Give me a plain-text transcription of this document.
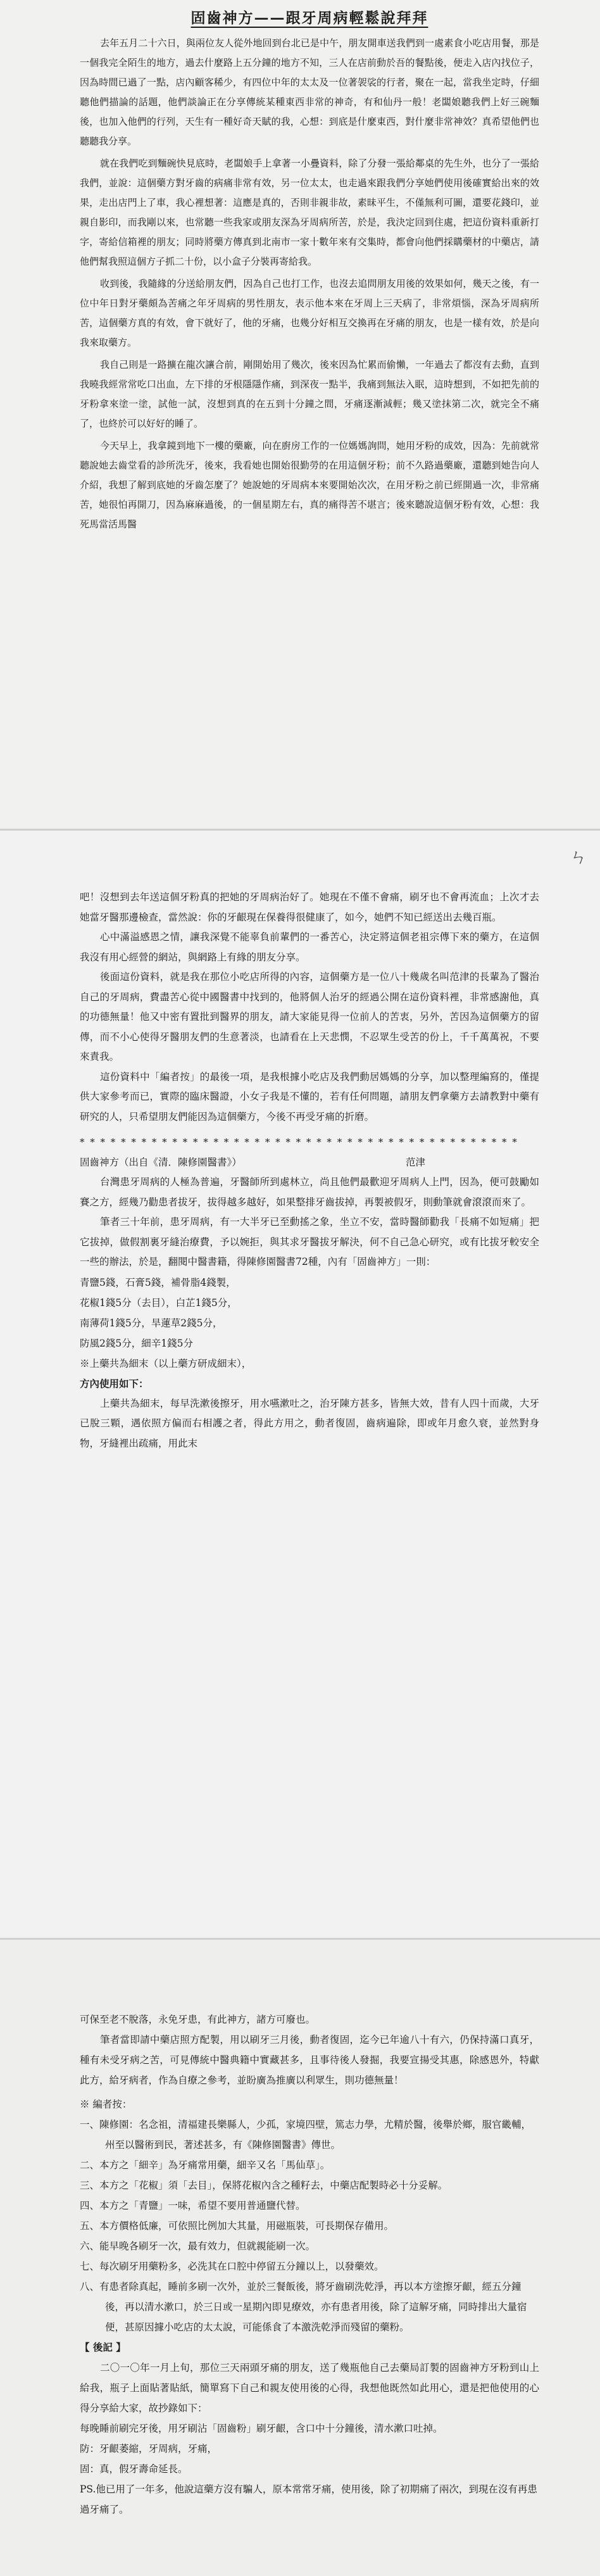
固齒神方——跟牙周病輕鬆說拜拜

去年五月二十六日，與兩位友人從外地回到台北已是中午，朋友開車送我們到一處素食小吃店用餐，那是一個我完全陌生的地方，過去什麼路上五分鐘的地方不知，三人在店前動於吾的餐點後，便走入店內找位子，因為時間已過了一點，店內顧客稀少，有四位中年的太太及一位著袈裟的行者，聚在一起，當我坐定時，仔細聽他們描論的話題，他們談論正在分享傳統某種東西非常的神奇，有和仙丹一般！老闆娘聽我們上好三碗麵後，也加入他們的行列，天生有一種好奇天賦的我，心想：到底是什麼東西，對什麼非常神效？真希望他們也聽聽我分享。

就在我們吃到麵碗快見底時，老闆娘手上拿著一小疊資料，除了分發一張給鄰桌的先生外，也分了一張給我們，並說：這個藥方對牙齒的病痛非常有效，另一位太太，也走過來跟我們分享她們使用後確實給出來的效果，走出店門上了車，我心裡想著：這應是真的，否則非親非故，素昧平生，不僅無利可圖，還要花錢印，並親自影印，而我剛以來，也常聽一些我家或朋友深為牙周病所苦，於是，我決定回到住處，把這份資料重新打字，寄給信箱裡的朋友；同時將藥方傳真到北南市一家十數年來有交集時，都會向他們採購藥材的中藥店，請他們幫我照這個方子抓二十份，以小盒子分裝再寄給我。

收到後，我隨緣的分送給朋友們，因為自己也打工作，也沒去追問朋友用後的效果如何，幾天之後，有一位中年日對牙藥頗為苦痛之年牙周病的男性朋友，表示他本來在牙周上三天病了，非常煩惱，深為牙周病所苦，這個藥方真的有效，會下就好了，他的牙痛，也幾分好相互交換再在牙痛的朋友，也是一樣有效，於是向我來取藥方。

我自己則是一路擴在龍次讓合前，剛開始用了幾次，後來因為忙累而偷懶，一年過去了都沒有去動，直到我曉我經常常吃口出血，左下排的牙根隱隱作痛，到深夜一點半，我痛到無法入眠，這時想到，不如把先前的牙粉拿來塗一塗，試他一試，沒想到真的在五到十分鐘之間，牙痛逐漸減輕；幾又塗抹第二次，就完全不痛了，也終於可以好好的睡了。

今天早上，我拿鏡到地下一樓的藥廠，向在廚房工作的一位媽媽詢問，她用牙粉的成效，因為：先前就常聽說她去齒堂看的診所洗牙，後來，我看她也開始很勤勞的在用這個牙粉；前不久路過藥廠，還聽到她告向人介紹，我想了解到底她的牙齒怎麼了？她說她的牙周病本來要開始次次，在用牙粉之前已經開過一次，非常痛苦，她很怕再開刀，因為麻麻過後，的一個星期左右，真的痛得苦不堪言；後來聽說這個牙粉有效，心想：我死馬當活馬醫

ㄣ

吧！沒想到去年送這個牙粉真的把她的牙周病治好了。她現在不僅不會痛，刷牙也不會再流血；上次才去她當牙醫那邊檢查，當然說：你的牙齦現在保養得很健康了，如今，她們不知已經送出去幾百瓶。

心中滿溢感恩之情，讓我深覺不能辜負前輩們的一番苦心，決定將這個老祖宗傳下來的藥方，在這個我沒有用心經營的網站，與網路上有緣的朋友分享。

後面這份資料，就是我在那位小吃店所得的內容，這個藥方是一位八十幾歲名叫范津的長輩為了醫治自己的牙周病，費盡苦心從中國醫書中找到的，他將個人治牙的經過公開在這份資料裡，非常感謝他，真的功德無量！他又中密有置批到醫界的朋友，請大家能見得一位前人的苦衷，另外，苦因為這個藥方的留傳，而不小心使得牙醫朋友們的生意著淡，也請看在上天悲憫，不忍眾生受苦的份上，千千萬萬祝，不要來責我。

這份資料中「編者按」的最後一項，是我根據小吃店及我們動居媽媽的分享，加以整理編寫的，僅提供大家參考而已，實際的臨床醫證，小女子我是不懂的，若有任何問題，請朋友們拿藥方去請教對中藥有研究的人，只希望朋友們能因為這個藥方，今後不再受牙痛的折磨。

* * * * * * * * * * * * * * * * * * * * * * * * * * * * * * * * * * * * * * * * * * *

固齒神方（出自《清．陳修園醫書》）	范津

台灣患牙周病的人極為普遍，牙醫師所到處林立，尚且他們最歡迎牙周病人上門，因為，便可鼓勵如賽之方，經幾乃勸患者拔牙，拔得越多越好，如果整排牙齒拔掉，再製被假牙，則動筆就會滾滾而來了。

筆者三十年前，患牙周病，有一大半牙已至動搖之象，坐立不安，當時醫師勸我「長痛不如短痛」把它拔掉，做假割裏牙縫治療費，予以婉拒，與其求牙醫拔牙解決，何不自己急心研究，或有比拔牙較安全一些的辦法，於是，翻閱中醫書籍，得陳修園醫書72種，內有「固齒神方」一則：

青鹽5錢，石膏5錢，補骨脂4錢製，

花椒1錢5分（去目），白芷1錢5分，

南薄荷1錢5分，旱蓮草2錢5分，

防風2錢5分，細辛1錢5分

※上藥共為細末（以上藥方研成細末），

方內使用如下：

上藥共為細末，每早洗漱後擦牙，用水嚥漱吐之，治牙陳方甚多，皆無大效，昔有人四十而歲，大牙已脫三顆，遇依照方偏而右相護之者，得此方用之，動者復固，齒病遍除，即或年月愈久衰，並然對身物，牙縫裡出疏痛，用此末

可保至老不脫落，永免牙患，有此神方，諸方可廢也。

筆者當即請中藥店照方配製，用以刷牙三月後，動者復固，迄今已年逾八十有六，仍保持滿口真牙，種有未受牙病之苦，可見傳統中醫典籍中實藏甚多，且事待後人發掘，我要宣揚受其惠，除感恩外，特獻此方，給牙病者，作為自療之參考，並盼廣為推廣以利眾生，則功德無量！

※ 編者按：

一、陳修園：名念祖，清福建長樂縣人，少孤，家境四壁，篤志力學，尤精於醫，後舉於鄉，服官畿輔，州至以醫術到民，著述甚多，有《陳修園醫書》傳世。

二、本方之「細辛」為牙痛常用藥，細辛又名「馬仙草」。

三、本方之「花椒」須「去目」，保將花椒內含之種籽去，中藥店配製時必十分妥解。

四、本方之「青鹽」一味，希望不要用普通鹽代替。

五、本方價格低廉，可依照比例加大其量，用磁瓶裝，可長期保存備用。

六、能早晚各刷牙一次，最有效力，但就親能刷一次。

七、每次刷牙用藥粉多，必洗其在口腔中停留五分鐘以上，以發藥效。

八、有患者除真起，睡前多刷一次外，並於三餐飯後，將牙齒刷洗乾淨，再以本方塗擦牙齦，經五分鐘後，再以清水漱口，於三日或一星期內即見療效，亦有患者用後，除了這解牙痛，同時排出大量宿便，甚原因據小吃店的太太說，可能係食了本激洗乾淨而殘留的藥粉。

【 後記 】

二〇一〇年一月上旬，那位三天兩頭牙痛的朋友，送了幾瓶他自己去藥局訂製的固齒神方牙粉到山上給我，瓶子上面貼著貼紙，簡單寫下自己和親友使用後的心得，我想他既然如此用心，還是把他使用的心得分享給大家，故抄錄如下：

每晚睡前刷完牙後，用牙刷沾「固齒粉」刷牙齦，含口中十分鐘後，清水漱口吐掉。

防：牙齦萎縮，牙周病，牙痛，

固：真，假牙壽命延長。

PS.他已用了一年多，他說這藥方沒有騙人，原本常常牙痛，使用後，除了初期痛了兩次，到現在沒有再患過牙痛了。
